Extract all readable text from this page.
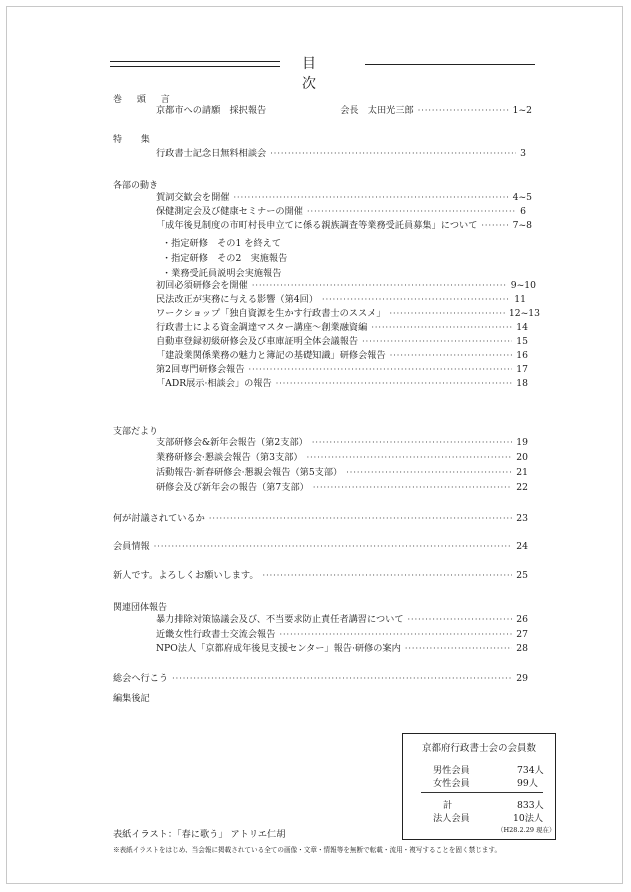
目　次
巻 頭 言
京都市への請願　採択報告	会長　太田光三郎 ·····	1~2
特 集
行政書士記念日無料相談会 ·····	3
各部の動き
賀詞交歓会を開催 ·····	4~5
保健測定会及び健康セミナーの開催 ·····	6
「成年後見制度の市町村長申立てに係る親族調査等業務受託員募集」について ·····	7~8
・指定研修　その1 を終えて
・指定研修　その2　実施報告
・業務受託員説明会実施報告
初回必須研修会を開催 ·····	9~10
民法改正が実務に与える影響（第4回） ·····	11
ワークショップ「独自資源を生かす行政書士のススメ」 ·····	12~13
行政書士による資金調達マスター講座～創業融資編 ·····	14
自動車登録初級研修会及び車庫証明全体会議報告 ·····	15
「建設業関係業務の魅力と簿記の基礎知識」研修会報告 ·····	16
第2回専門研修会報告 ·····	17
「ADR展示·相談会」の報告 ·····	18
支部だより
支部研修会&新年会報告（第2支部） ·····	19
業務研修会·懇談会報告（第3支部） ·····	20
活動報告·新春研修会·懇親会報告（第5支部） ·····	21
研修会及び新年会の報告（第7支部） ·····	22
何が討議されているか ·····	23
会員情報 ·····	24
新人です。よろしくお願いします。 ·····	25
関連団体報告
暴力排除対策協議会及び、不当要求防止責任者講習について ·····	26
近畿女性行政書士交流会報告 ·····	27
NPO法人「京都府成年後見支援センター」報告·研修の案内 ·····	28
総会へ行こう ·····	29
編集後記
京都府行政書士会の会員数
男性会員	734人
女性会員	99人
計	833人
法人会員	10法人
（H28.2.29 現在）
表紙イラスト：「春に歌う」 アトリエ仁胡
※表紙イラストをはじめ、当会報に掲載されている全ての画像・文章・情報等を無断で転載・流用・複写することを固く禁じます。
